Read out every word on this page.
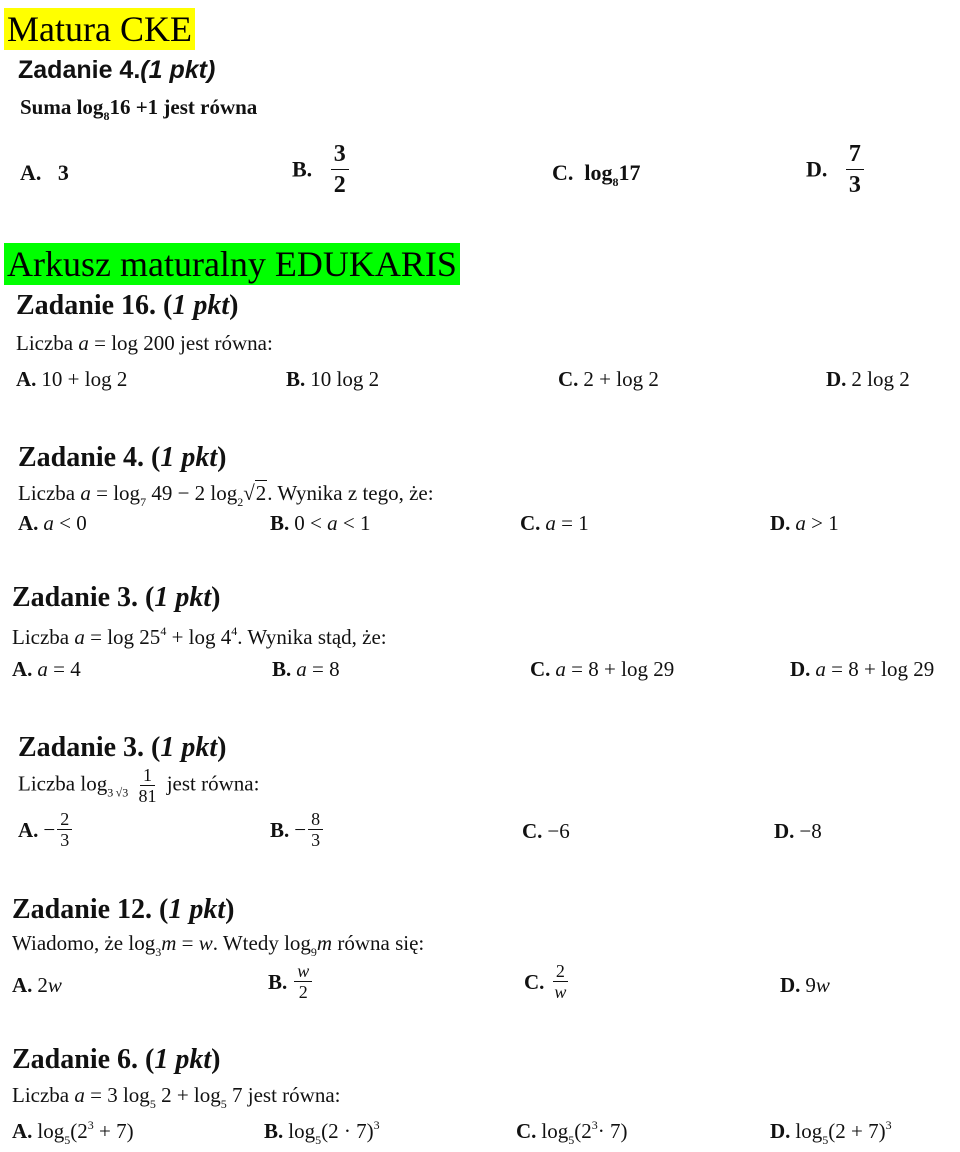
Matura CKE
Zadanie 4.(1 pkt)
Suma $\log_816 +1$ jest równa
A. 3	B. $\frac{3}{2}$	C. $\log_817$	D. $\frac{7}{3}$
Arkusz maturalny EDUKARIS
Zadanie 16. (1 pkt)
Liczba a = log 200 jest równa:
A. 10 + log 2	B. 10 log 2	C. 2 + log 2	D. 2 log 2
Zadanie 4. (1 pkt)
Liczba $a = \log_7 49 - 2$ $\log_2√2$. Wynika z tego, że:
A. a < 0	B. 0 < a < 1	C. a = 1	D. a > 1
Zadanie 3. (1 pkt)
Liczba $a = \log 25^4 + \log 4^4$. Wynika stąd, że:
A. a = 4	B. a = 8	C. a = 8 + log 29	D. a = 8 + log 29
Zadanie 3. (1 pkt)
Liczba $\log_{3 √3} \frac{1}{81}$ jest równa:
A. − $\frac{2}{3}$	B. − $\frac{8}{3}$	C. −6	D. −8
Zadanie 12. (1 pkt)
Wiadomo, że $\log_3m = w$. Wtedy $\log_9m$ równa się:
A. 2w	B. $\frac{w}{2}$	C. $\frac{2}{w}$	D. 9w
Zadanie 6. (1 pkt)
Liczba a = 3 $\log_5 2 + \log_5 7$ jest równa:
A. $\log_5(2^3 + 7)$	B. $\log_5(2 \cdot 7)^3$	C. $\log_5(2^3\cdot 7)$	D. $\log_5(2 + 7)^3$
